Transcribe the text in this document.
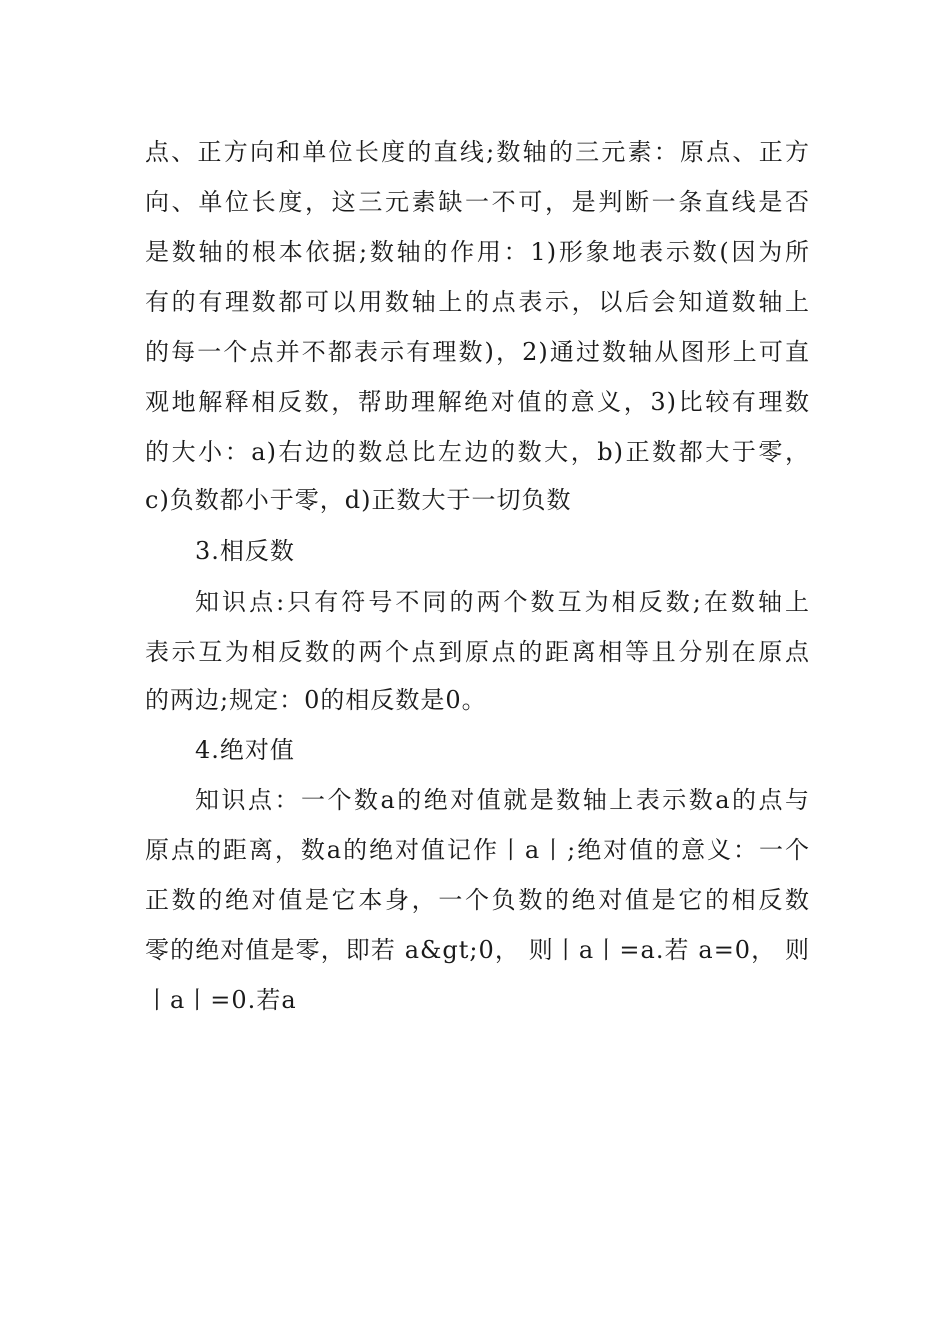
点、正方向和单位长度的直线;数轴的三元素：原点、正方
向、单位长度，这三元素缺一不可，是判断一条直线是否
是数轴的根本依据;数轴的作用：1)形象地表示数(因为所
有的有理数都可以用数轴上的点表示，以后会知道数轴上
的每一个点并不都表示有理数)，2)通过数轴从图形上可直
观地解释相反数，帮助理解绝对值的意义，3)比较有理数
的大小：a)右边的数总比左边的数大，b)正数都大于零，
c)负数都小于零，d)正数大于一切负数
3.相反数
知识点:只有符号不同的两个数互为相反数;在数轴上
表示互为相反数的两个点到原点的距离相等且分别在原点
的两边;规定：0的相反数是0。
4.绝对值
知识点：一个数a的绝对值就是数轴上表示数a的点与
原点的距离，数a的绝对值记作丨a丨;绝对值的意义：一个
正数的绝对值是它本身，一个负数的绝对值是它的相反数
零的绝对值是零，即若 a&gt;0， 则丨a丨=a.若 a=0， 则
丨a丨=0.若a
